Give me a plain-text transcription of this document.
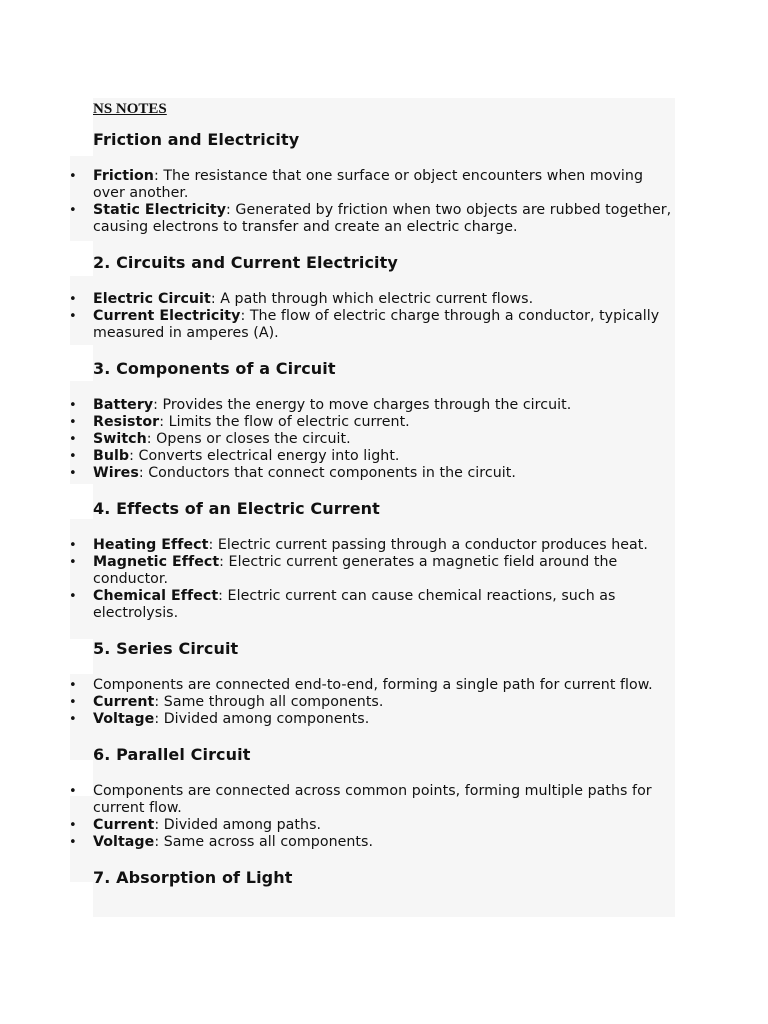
NS NOTES
Friction and Electricity
• Friction: The resistance that one surface or object encounters when moving over another.
• Static Electricity: Generated by friction when two objects are rubbed together, causing electrons to transfer and create an electric charge.
2. Circuits and Current Electricity
• Electric Circuit: A path through which electric current flows.
• Current Electricity: The flow of electric charge through a conductor, typically measured in amperes (A).
3. Components of a Circuit
• Battery: Provides the energy to move charges through the circuit.
• Resistor: Limits the flow of electric current.
• Switch: Opens or closes the circuit.
• Bulb: Converts electrical energy into light.
• Wires: Conductors that connect components in the circuit.
4. Effects of an Electric Current
• Heating Effect: Electric current passing through a conductor produces heat.
• Magnetic Effect: Electric current generates a magnetic field around the conductor.
• Chemical Effect: Electric current can cause chemical reactions, such as electrolysis.
5. Series Circuit
• Components are connected end-to-end, forming a single path for current flow.
• Current: Same through all components.
• Voltage: Divided among components.
6. Parallel Circuit
• Components are connected across common points, forming multiple paths for current flow.
• Current: Divided among paths.
• Voltage: Same across all components.
7. Absorption of Light
